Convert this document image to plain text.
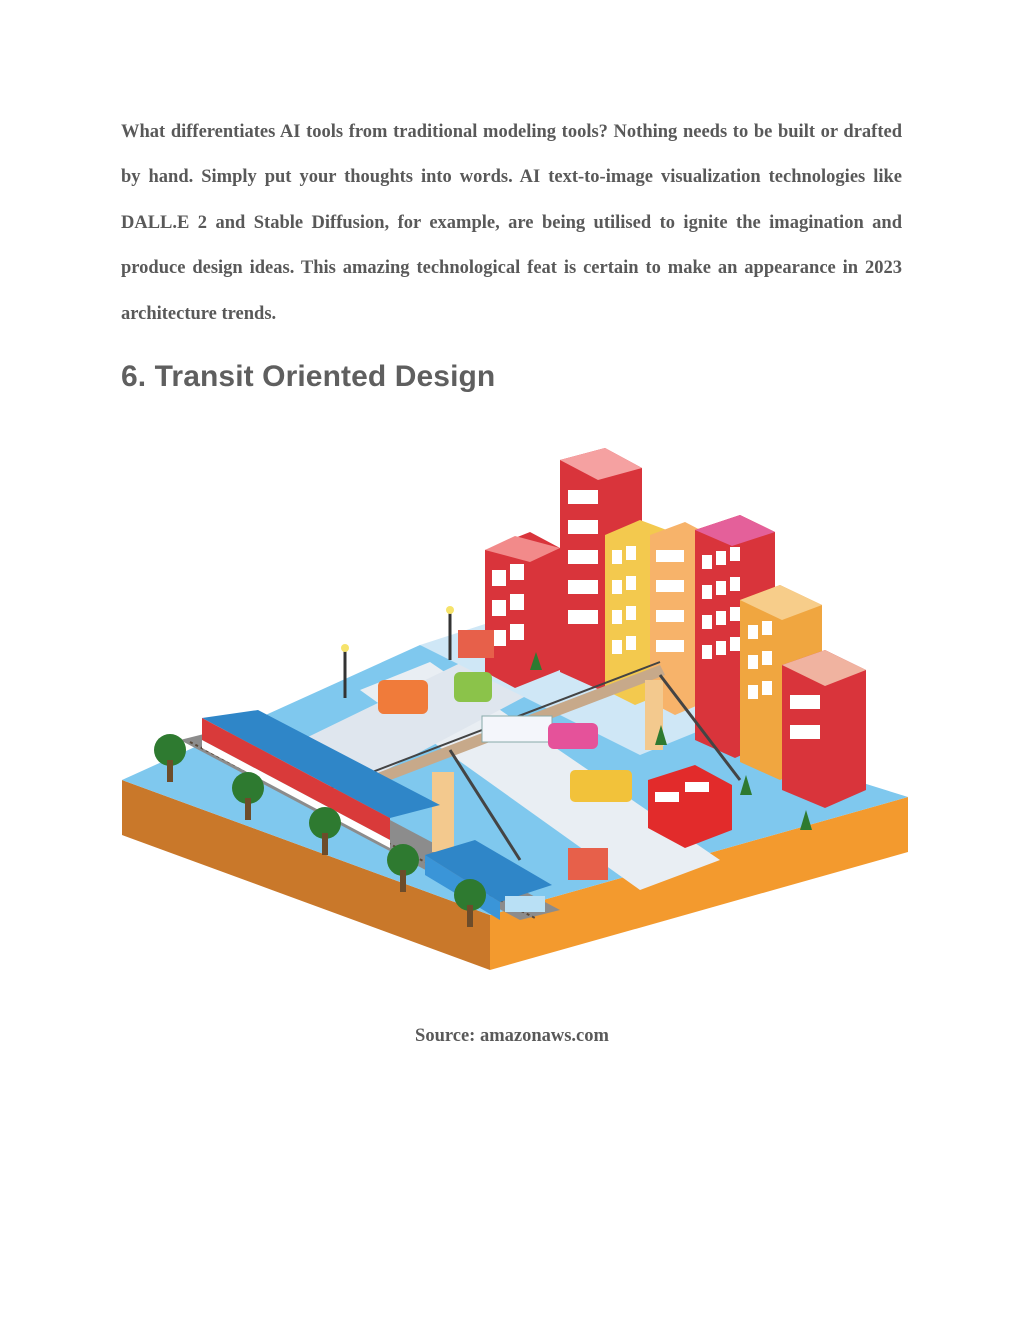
What differentiates AI tools from traditional modeling tools? Nothing needs to be built or drafted by hand. Simply put your thoughts into words. AI text-to-image visualization technologies like DALL.E 2 and Stable Diffusion, for example, are being utilised to ignite the imagination and produce design ideas. This amazing technological feat is certain to make an appearance in 2023 architecture trends.

6. Transit Oriented Design

Source: amazonaws.com
